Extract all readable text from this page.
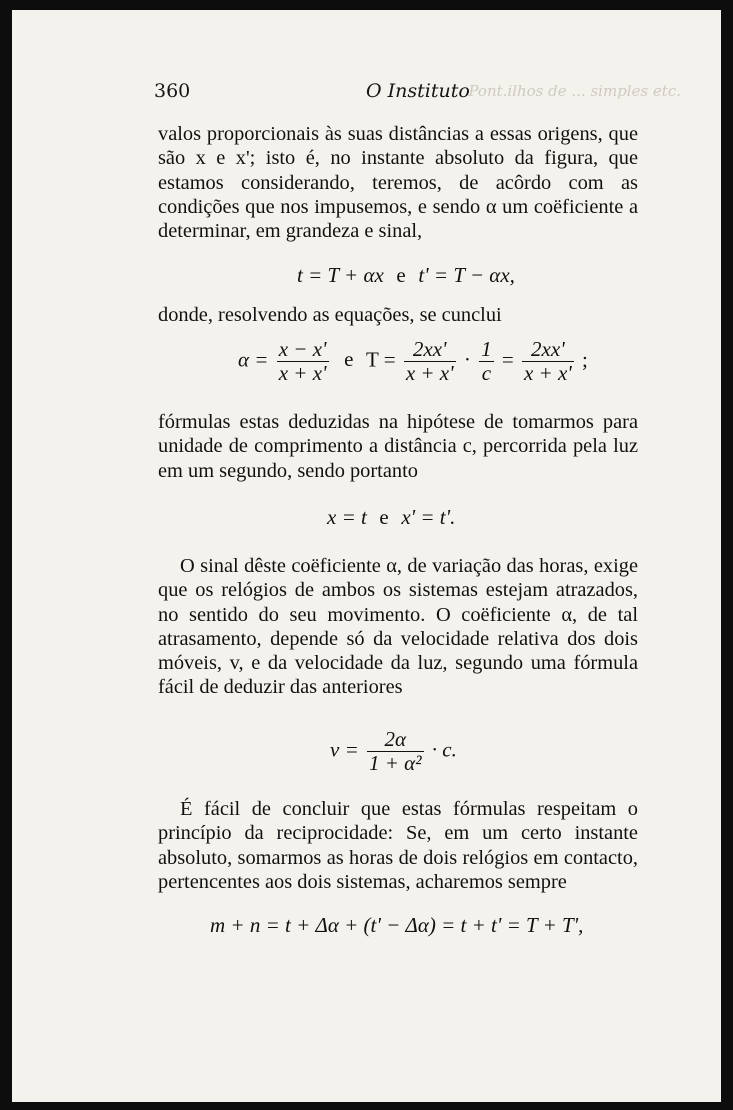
Pont.ilhos de ... simples etc.
360	O Instituto
valos proporcionais às suas distâncias a essas origens, que são x e x'; isto é, no instante absoluto da figura, que estamos considerando, teremos, de acôrdo com as condições que nos impusemos, e sendo α um coëficiente a determinar, em grandeza e sinal,
t = T + αx e t' = T − αx,
donde, resolvendo as equações, se cunclui
$\alpha = \frac{x - x'}{x + x'}$ e $T = \frac{2xx'}{x + x'} \cdot \frac{1}{c} = \frac{2xx'}{x + x'}$ ;
fórmulas estas deduzidas na hipótese de tomarmos para unidade de comprimento a distância c, percorrida pela luz em um segundo, sendo portanto
x = t e x' = t'.
O sinal dêste coëficiente α, de variação das horas, exige que os relógios de ambos os sistemas estejam atrazados, no sentido do seu movimento. O coëficiente α, de tal atrasamento, depende só da velocidade relativa dos dois móveis, v, e da velocidade da luz, segundo uma fórmula fácil de deduzir das anteriores
$v = \frac{2\alpha}{\text{1 + α²}} \cdot c$.
É fácil de concluir que estas fórmulas respeitam o princípio da reciprocidade: Se, em um certo instante absoluto, somarmos as horas de dois relógios em contacto, pertencentes aos dois sistemas, acharemos sempre
m + n = t + Δα + (t' − Δα) = t + t' = T + T',
